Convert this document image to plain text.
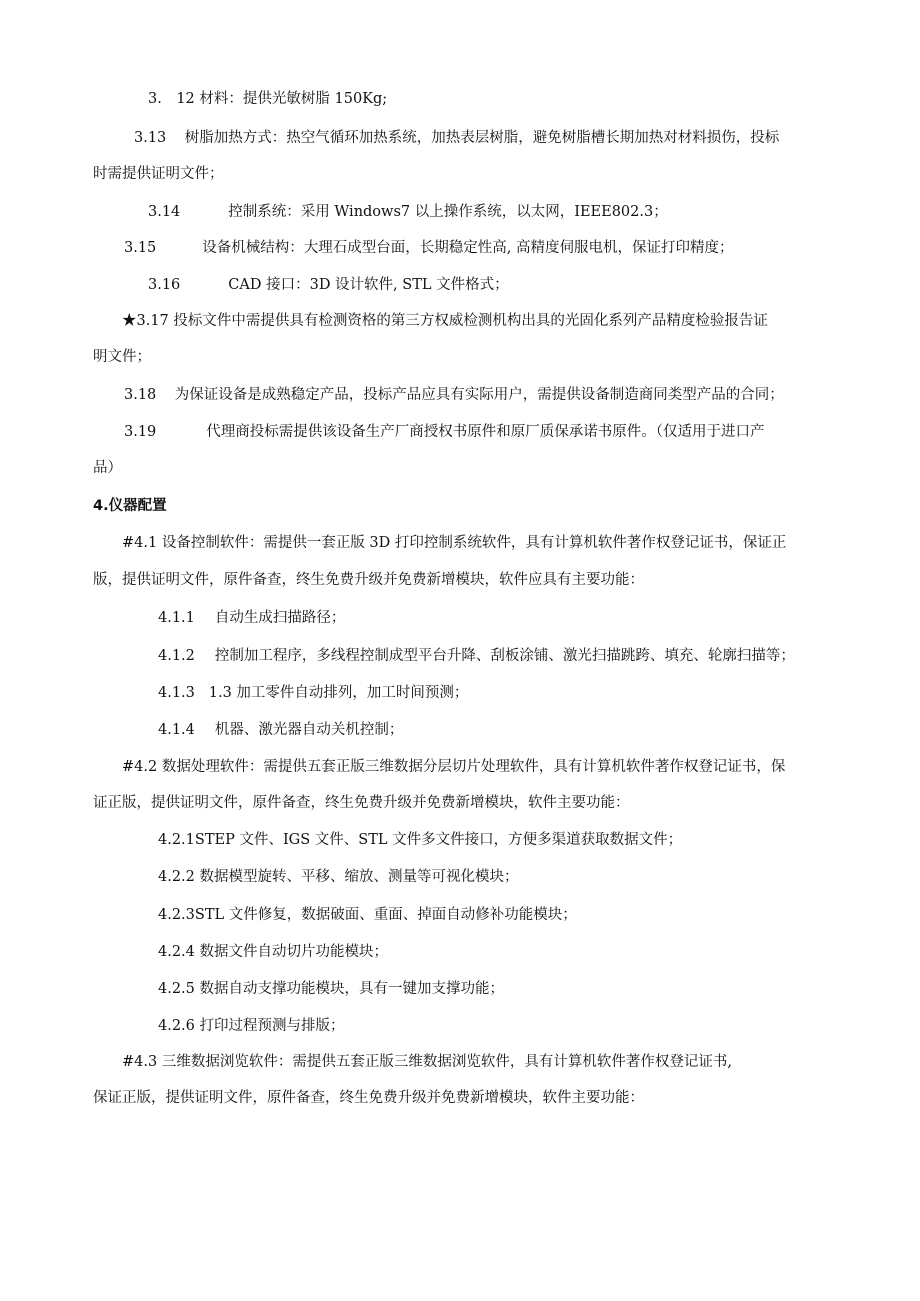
3.　12 材料：提供光敏树脂 150Kg;
3.13 树脂加热方式：热空气循环加热系统，加热表层树脂，避免树脂槽长期加热对材料损伤，投标
时需提供证明文件；
3.14	控制系统：采用 Windows7 以上操作系统，以太网，IEEE802.3；
3.15	设备机械结构：大理石成型台面，长期稳定性高, 高精度伺服电机，保证打印精度；
3.16	CAD 接口：3D 设计软件, STL 文件格式；
★3.17 投标文件中需提供具有检测资格的第三方权威检测机构出具的光固化系列产品精度检验报告证
明文件；
3.18 为保证设备是成熟稳定产品，投标产品应具有实际用户，需提供设备制造商同类型产品的合同；
3.19	代理商投标需提供该设备生产厂商授权书原件和原厂质保承诺书原件。（仅适用于进口产
品）
4.仪器配置
#4.1 设备控制软件：需提供一套正版 3D 打印控制系统软件，具有计算机软件著作权登记证书，保证正
版，提供证明文件，原件备查，终生免费升级并免费新增模块，软件应具有主要功能：
4.1.1 自动生成扫描路径；
4.1.2 控制加工程序，多线程控制成型平台升降、刮板涂铺、激光扫描跳跨、填充、轮廓扫描等；
4.1.3 1.3 加工零件自动排列，加工时间预测；
4.1.4 机器、激光器自动关机控制；
#4.2 数据处理软件：需提供五套正版三维数据分层切片处理软件，具有计算机软件著作权登记证书，保
证正版，提供证明文件，原件备查，终生免费升级并免费新增模块，软件主要功能：
4.2.1STEP 文件、IGS 文件、STL 文件多文件接口，方便多渠道获取数据文件；
4.2.2 数据模型旋转、平移、缩放、测量等可视化模块；
4.2.3STL 文件修复，数据破面、重面、掉面自动修补功能模块；
4.2.4 数据文件自动切片功能模块；
4.2.5 数据自动支撑功能模块，具有一键加支撑功能；
4.2.6 打印过程预测与排版；
#4.3 三维数据浏览软件：需提供五套正版三维数据浏览软件，具有计算机软件著作权登记证书,
保证正版，提供证明文件，原件备查，终生免费升级并免费新增模块，软件主要功能：
